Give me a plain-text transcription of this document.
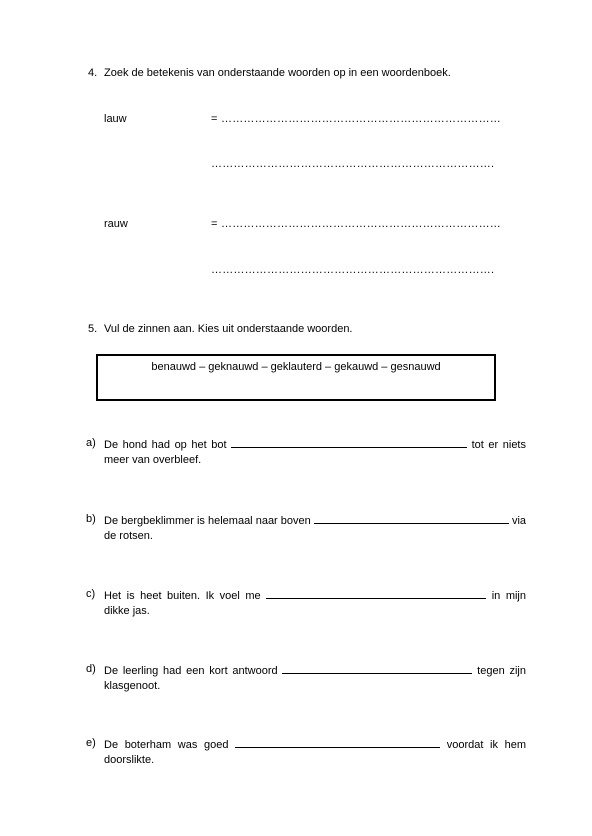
4. Zoek de betekenis van onderstaande woorden op in een woordenboek.
lauw	= …………………………………………………………………
………………………………………………………………….
rauw	= …………………………………………………………………
………………………………………………………………….
5. Vul de zinnen aan. Kies uit onderstaande woorden.
benauwd – geknauwd – geklauterd – gekauwd – gesnauwd
a) De hond had op het bot	tot er niets meer van overbleef.
b) De bergbeklimmer is helemaal naar boven	via de rotsen.
c) Het is heet buiten. Ik voel me	in mijn dikke jas.
d) De leerling had een kort antwoord	tegen zijn klasgenoot.
e) De boterham was goed	voordat ik hem doorslikte.
